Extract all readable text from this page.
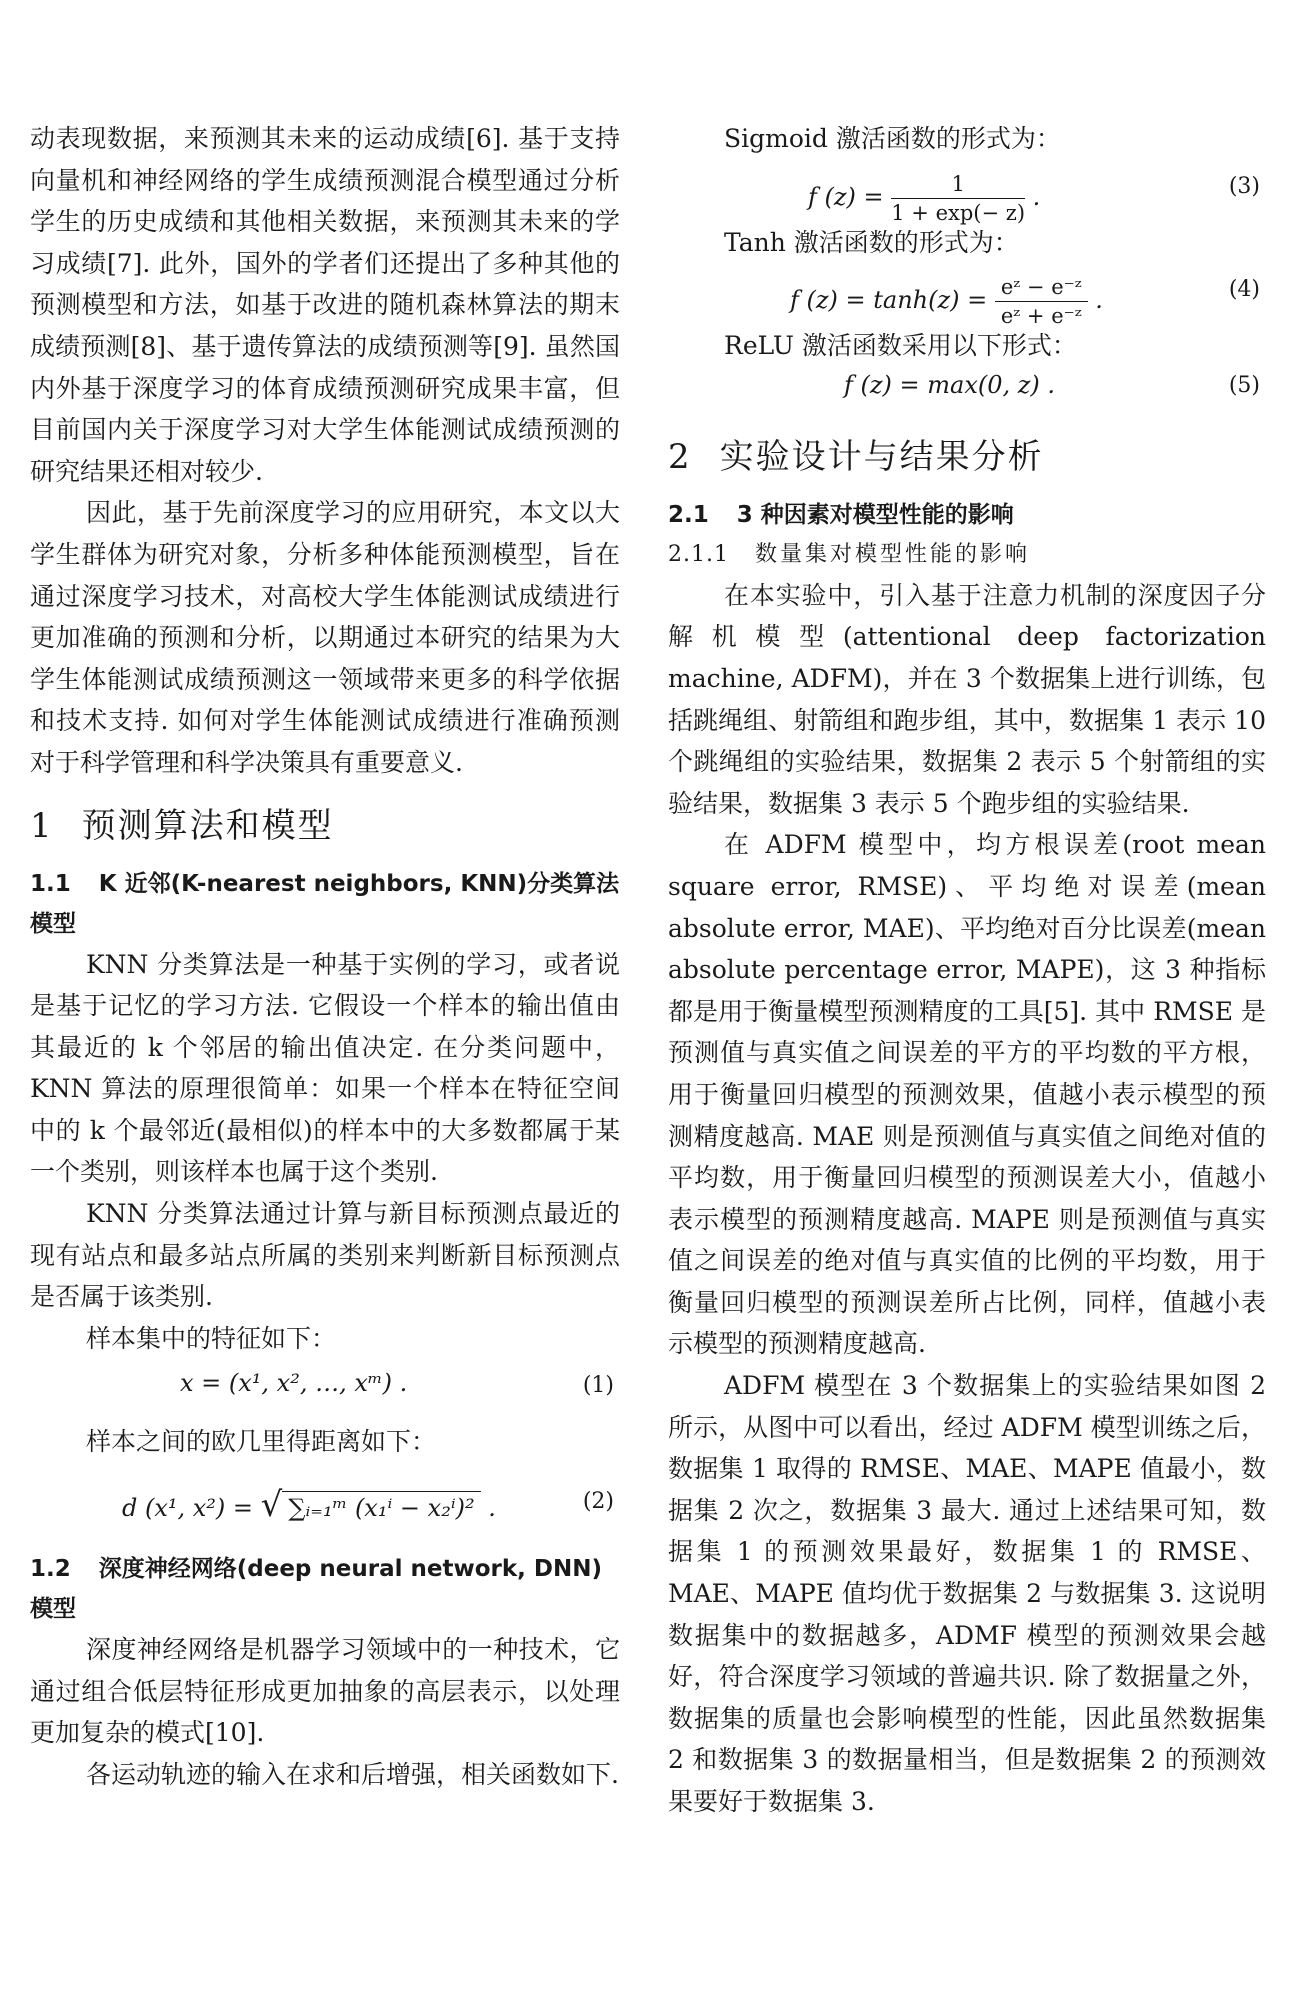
动表现数据，来预测其未来的运动成绩[6]. 基于支持向量机和神经网络的学生成绩预测混合模型通过分析学生的历史成绩和其他相关数据，来预测其未来的学习成绩[7]. 此外，国外的学者们还提出了多种其他的预测模型和方法，如基于改进的随机森林算法的期末成绩预测[8]、基于遗传算法的成绩预测等[9]. 虽然国内外基于深度学习的体育成绩预测研究成果丰富，但目前国内关于深度学习对大学生体能测试成绩预测的研究结果还相对较少.

因此，基于先前深度学习的应用研究，本文以大学生群体为研究对象，分析多种体能预测模型，旨在通过深度学习技术，对高校大学生体能测试成绩进行更加准确的预测和分析，以期通过本研究的结果为大学生体能测试成绩预测这一领域带来更多的科学依据和技术支持. 如何对学生体能测试成绩进行准确预测对于科学管理和科学决策具有重要意义.

1 预测算法和模型
1.1 K 近邻(K-nearest neighbors, KNN)分类算法模型

KNN 分类算法是一种基于实例的学习，或者说是基于记忆的学习方法. 它假设一个样本的输出值由其最近的 k 个邻居的输出值决定. 在分类问题中，KNN 算法的原理很简单：如果一个样本在特征空间中的 k 个最邻近(最相似)的样本中的大多数都属于某一个类别，则该样本也属于这个类别.

KNN 分类算法通过计算与新目标预测点最近的现有站点和最多站点所属的类别来判断新目标预测点是否属于该类别.

样本集中的特征如下：

x = (x¹, x², …, xᵐ) .	(1)

样本之间的欧几里得距离如下：

d (x¹, x²) = √ ∑ᵢ₌₁ᵐ (x₁ⁱ − x₂ⁱ)² .	(2)
1.2 深度神经网络(deep neural network, DNN)模型

深度神经网络是机器学习领域中的一种技术，它通过组合低层特征形成更加抽象的高层表示，以处理更加复杂的模式[10].

各运动轨迹的输入在求和后增强，相关函数如下.

Sigmoid 激活函数的形式为：

f $(z) = \frac{1}{1 + \exp(- z)}$ .	(3)

Tanh 激活函数的形式为：

f $(z) = \tanh(z) = \frac{\text{eᶻ − e⁻ᶻ}}{\text{eᶻ + e⁻ᶻ}}$ .	(4)

ReLU 激活函数采用以下形式：

f (z) = max(0, z) .	(5)
2 实验设计与结果分析
2.1 3 种因素对模型性能的影响
2.1.1 数量集对模型性能的影响

在本实验中，引入基于注意力机制的深度因子分解机模型(attentional deep factorization machine, ADFM)，并在 3 个数据集上进行训练，包括跳绳组、射箭组和跑步组，其中，数据集 1 表示 10 个跳绳组的实验结果，数据集 2 表示 5 个射箭组的实验结果，数据集 3 表示 5 个跑步组的实验结果.

在 ADFM 模型中，均方根误差(root mean square error, RMSE)、平均绝对误差(mean absolute error, MAE)、平均绝对百分比误差(mean absolute percentage error, MAPE)，这 3 种指标都是用于衡量模型预测精度的工具[5]. 其中 RMSE 是预测值与真实值之间误差的平方的平均数的平方根，用于衡量回归模型的预测效果，值越小表示模型的预测精度越高. MAE 则是预测值与真实值之间绝对值的平均数，用于衡量回归模型的预测误差大小，值越小表示模型的预测精度越高. MAPE 则是预测值与真实值之间误差的绝对值与真实值的比例的平均数，用于衡量回归模型的预测误差所占比例，同样，值越小表示模型的预测精度越高.

ADFM 模型在 3 个数据集上的实验结果如图 2 所示，从图中可以看出，经过 ADFM 模型训练之后，数据集 1 取得的 RMSE、MAE、MAPE 值最小，数据集 2 次之，数据集 3 最大. 通过上述结果可知，数据集 1 的预测效果最好，数据集 1 的 RMSE、MAE、MAPE 值均优于数据集 2 与数据集 3. 这说明数据集中的数据越多，ADMF 模型的预测效果会越好，符合深度学习领域的普遍共识. 除了数据量之外，数据集的质量也会影响模型的性能，因此虽然数据集 2 和数据集 3 的数据量相当，但是数据集 2 的预测效果要好于数据集 3.
